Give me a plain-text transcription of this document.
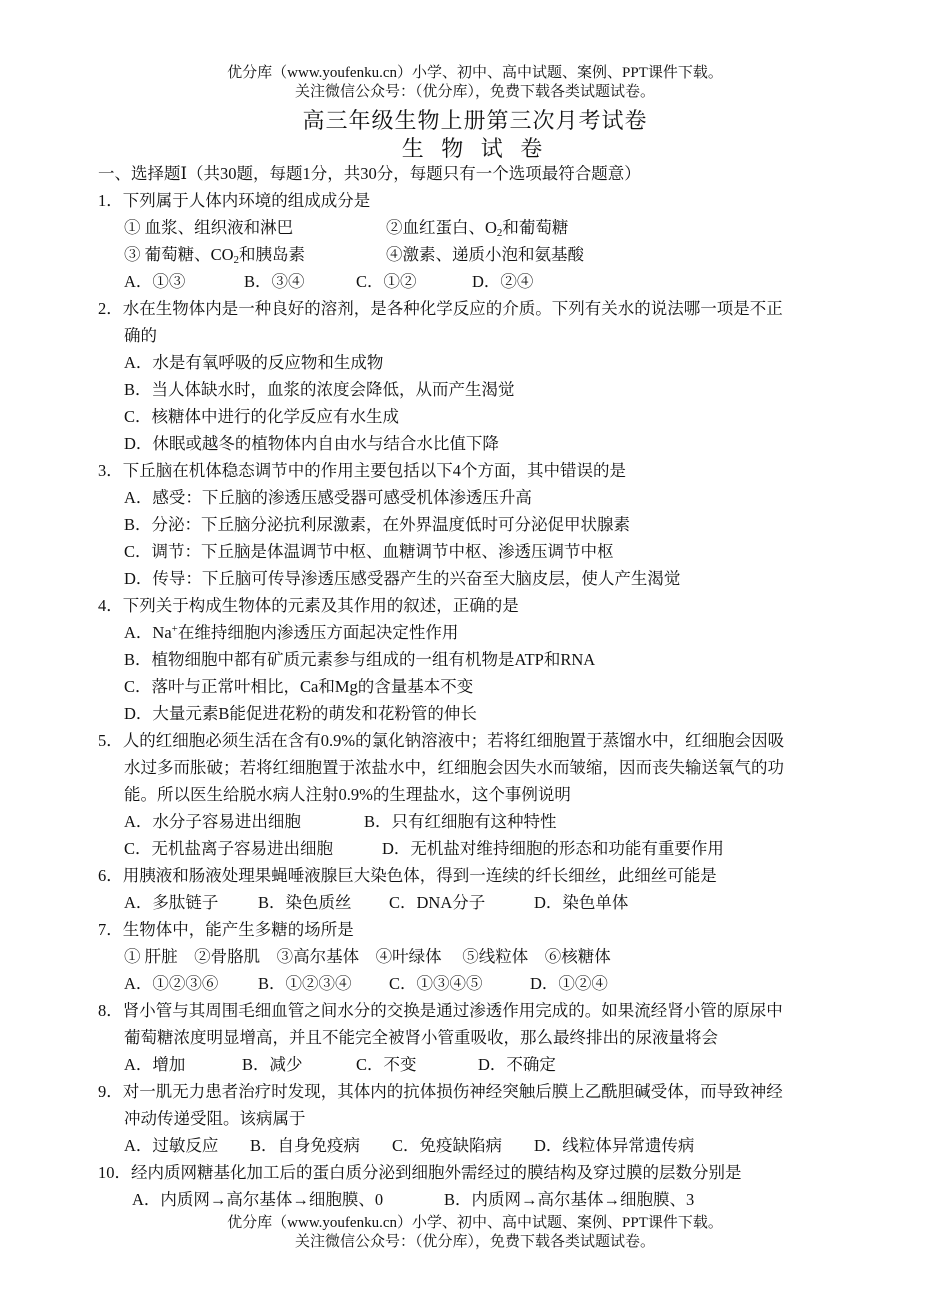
优分库（www.youfenku.cn）小学、初中、高中试题、案例、PPT课件下载。
关注微信公众号：（优分库），免费下载各类试题试卷。
高三年级生物上册第三次月考试卷
生 物 试 卷
一、选择题Ⅰ（共30题，每题1分，共30分，每题只有一个选项最符合题意）
1．下列属于人体内环境的组成成分是
① 血浆、组织液和淋巴	②血红蛋白、$O_2$和葡萄糖
③ 葡萄糖、$CO_2$和胰岛素	④激素、递质小泡和氨基酸
A．①③	B．③④	C．①②	D．②④
2．水在生物体内是一种良好的溶剂，是各种化学反应的介质。下列有关水的说法哪一项是不正
确的
A．水是有氧呼吸的反应物和生成物
B．当人体缺水时，血浆的浓度会降低，从而产生渴觉
C．核糖体中进行的化学反应有水生成
D．休眠或越冬的植物体内自由水与结合水比值下降
3．下丘脑在机体稳态调节中的作用主要包括以下4个方面，其中错误的是
A．感受：下丘脑的渗透压感受器可感受机体渗透压升高
B．分泌：下丘脑分泌抗利尿激素，在外界温度低时可分泌促甲状腺素
C．调节：下丘脑是体温调节中枢、血糖调节中枢、渗透压调节中枢
D．传导：下丘脑可传导渗透压感受器产生的兴奋至大脑皮层，使人产生渴觉
4．下列关于构成生物体的元素及其作用的叙述，正确的是
A．Na+在维持细胞内渗透压方面起决定性作用
B．植物细胞中都有矿质元素参与组成的一组有机物是ATP和RNA
C．落叶与正常叶相比，Ca和Mg的含量基本不变
D．大量元素B能促进花粉的萌发和花粉管的伸长
5．人的红细胞必须生活在含有0.9%的氯化钠溶液中；若将红细胞置于蒸馏水中，红细胞会因吸
水过多而胀破；若将红细胞置于浓盐水中，红细胞会因失水而皱缩，因而丧失输送氧气的功
能。所以医生给脱水病人注射0.9%的生理盐水，这个事例说明
A．水分子容易进出细胞	B．只有红细胞有这种特性
C．无机盐离子容易进出细胞	D．无机盐对维持细胞的形态和功能有重要作用
6．用胰液和肠液处理果蝇唾液腺巨大染色体，得到一连续的纤长细丝，此细丝可能是
A．多肽链子 B．染色质丝 C．DNA分子	D．染色单体
7．生物体中，能产生多糖的场所是
① 肝脏　②骨胳肌　③高尔基体　④叶绿体　 ⑤线粒体　⑥核糖体
A．①②③⑥ B．①②③④ C．①③④⑤	D．①②④
8．肾小管与其周围毛细血管之间水分的交换是通过渗透作用完成的。如果流经肾小管的原尿中
葡萄糖浓度明显增高，并且不能完全被肾小管重吸收，那么最终排出的尿液量将会
A．增加	B．减少	C．不变	D．不确定
9．对一肌无力患者治疗时发现，其体内的抗体损伤神经突触后膜上乙酰胆碱受体，而导致神经
冲动传递受阻。该病属于
A．过敏反应 B．自身免疫病 C．免疫缺陷病 D．线粒体异常遗传病
10．经内质网糖基化加工后的蛋白质分泌到细胞外需经过的膜结构及穿过膜的层数分别是
A．内质网→高尔基体→细胞膜、0	B．内质网→高尔基体→细胞膜、3
优分库（www.youfenku.cn）小学、初中、高中试题、案例、PPT课件下载。
关注微信公众号：（优分库），免费下载各类试题试卷。
